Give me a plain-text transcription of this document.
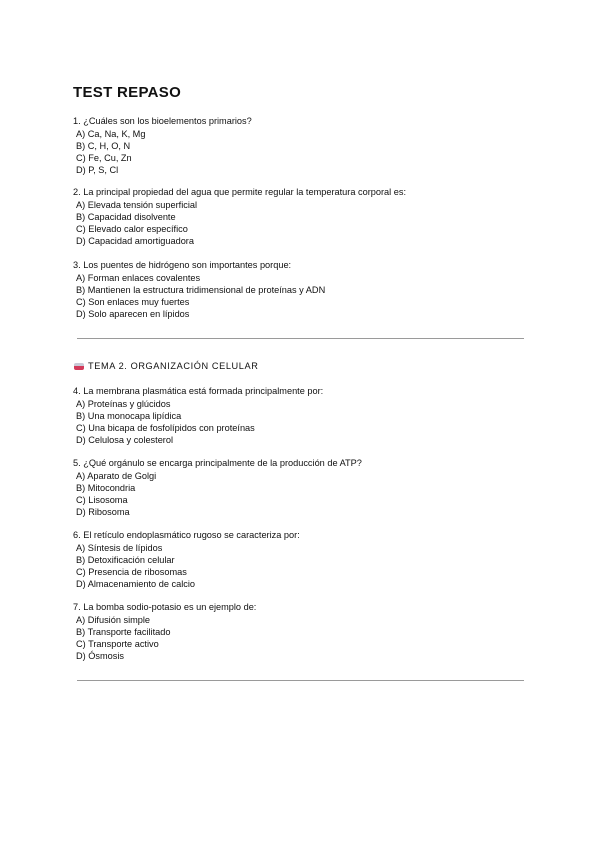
TEST REPASO
1. ¿Cuáles son los bioelementos primarios?
A) Ca, Na, K, Mg
B) C, H, O, N
C) Fe, Cu, Zn
D) P, S, Cl
2. La principal propiedad del agua que permite regular la temperatura corporal es:
A) Elevada tensión superficial
B) Capacidad disolvente
C) Elevado calor específico
D) Capacidad amortiguadora
3. Los puentes de hidrógeno son importantes porque:
A) Forman enlaces covalentes
B) Mantienen la estructura tridimensional de proteínas y ADN
C) Son enlaces muy fuertes
D) Solo aparecen en lípidos
TEMA 2. ORGANIZACIÓN CELULAR
4. La membrana plasmática está formada principalmente por:
A) Proteínas y glúcidos
B) Una monocapa lipídica
C) Una bicapa de fosfolípidos con proteínas
D) Celulosa y colesterol
5. ¿Qué orgánulo se encarga principalmente de la producción de ATP?
A) Aparato de Golgi
B) Mitocondria
C) Lisosoma
D) Ribosoma
6. El retículo endoplasmático rugoso se caracteriza por:
A) Síntesis de lípidos
B) Detoxificación celular
C) Presencia de ribosomas
D) Almacenamiento de calcio
7. La bomba sodio-potasio es un ejemplo de:
A) Difusión simple
B) Transporte facilitado
C) Transporte activo
D) Ósmosis
